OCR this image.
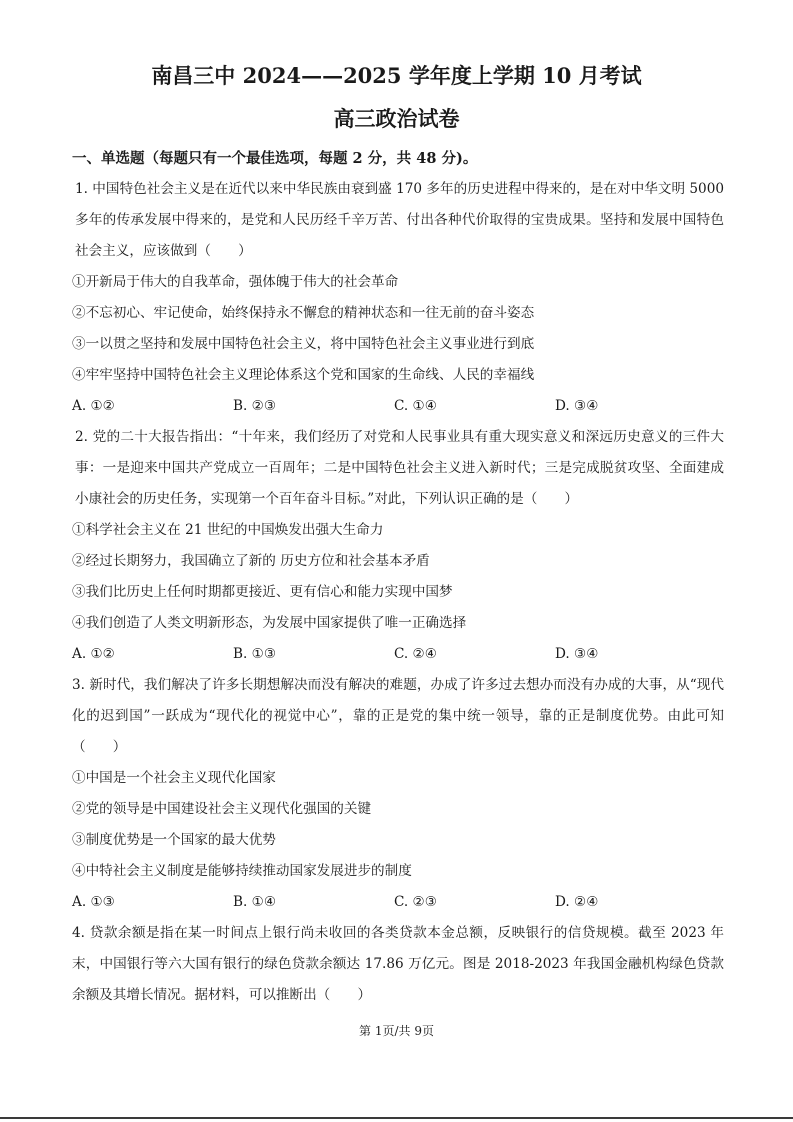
南昌三中 2024——2025 学年度上学期 10 月考试
高三政治试卷
一、单选题（每题只有一个最佳选项，每题 2 分，共 48 分)。
1. 中国特色社会主义是在近代以来中华民族由衰到盛 170 多年的历史进程中得来的，是在对中华文明 5000 多年的传承发展中得来的，是党和人民历经千辛万苦、付出各种代价取得的宝贵成果。坚持和发展中国特色社会主义，应该做到（　　）
①开新局于伟大的自我革命，强体魄于伟大的社会革命
②不忘初心、牢记使命，始终保持永不懈怠的精神状态和一往无前的奋斗姿态
③一以贯之坚持和发展中国特色社会主义，将中国特色社会主义事业进行到底
④牢牢坚持中国特色社会主义理论体系这个党和国家的生命线、人民的幸福线
A. ①②	B. ②③	C. ①④	D. ③④
2. 党的二十大报告指出：“十年来，我们经历了对党和人民事业具有重大现实意义和深远历史意义的三件大事：一是迎来中国共产党成立一百周年；二是中国特色社会主义进入新时代；三是完成脱贫攻坚、全面建成小康社会的历史任务，实现第一个百年奋斗目标。”对此，下列认识正确的是（　　）
①科学社会主义在 21 世纪的中国焕发出强大生命力
②经过长期努力，我国确立了新的 历史方位和社会基本矛盾
③我们比历史上任何时期都更接近、更有信心和能力实现中国梦
④我们创造了人类文明新形态，为发展中国家提供了唯一正确选择
A. ①②	B. ①③	C. ②④	D. ③④
3. 新时代，我们解决了许多长期想解决而没有解决的难题，办成了许多过去想办而没有办成的大事，从“现代化的迟到国”一跃成为“现代化的视觉中心”，靠的正是党的集中统一领导，靠的正是制度优势。由此可知（　　）
①中国是一个社会主义现代化国家
②党的领导是中国建设社会主义现代化强国的关键
③制度优势是一个国家的最大优势
④中特社会主义制度是能够持续推动国家发展进步的制度
A. ①③	B. ①④	C. ②③	D. ②④
4. 贷款余额是指在某一时间点上银行尚未收回的各类贷款本金总额，反映银行的信贷规模。截至 2023 年末，中国银行等六大国有银行的绿色贷款余额达 17.86 万亿元。图是 2018-2023 年我国金融机构绿色贷款余额及其增长情况。据材料，可以推断出（　　）
第 1页/共 9页
